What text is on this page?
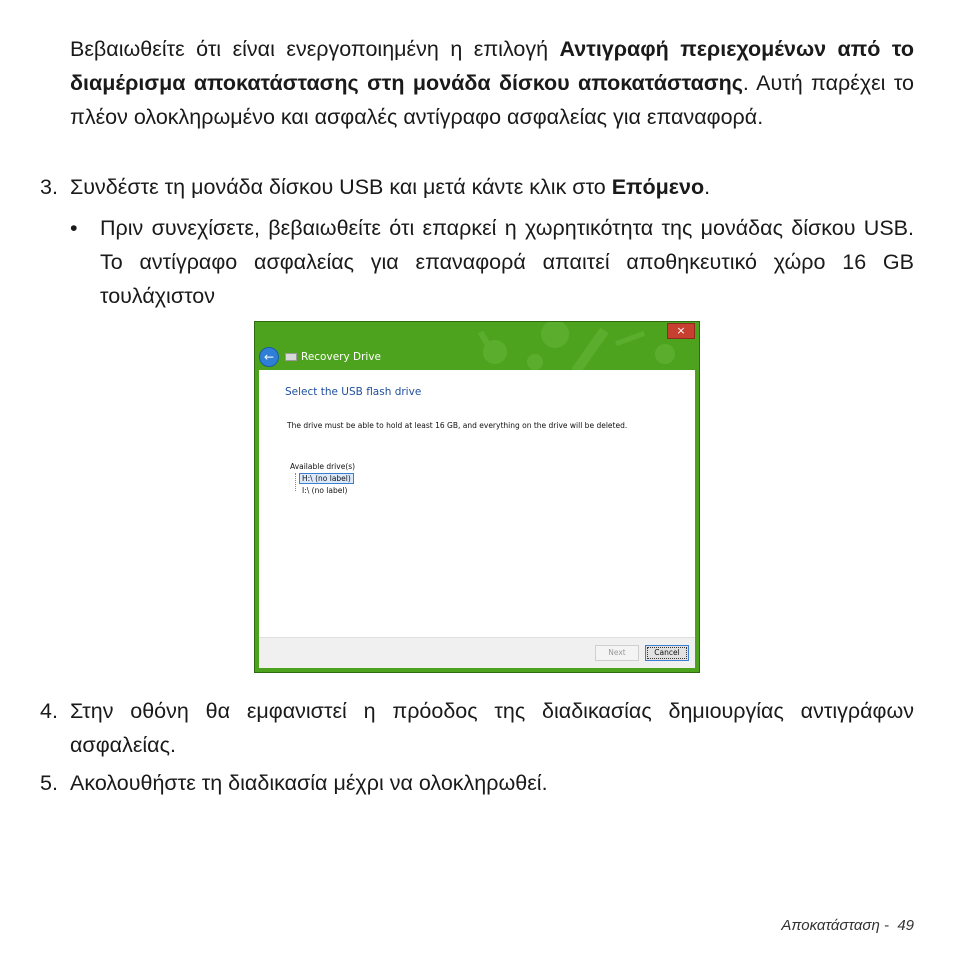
Βεβαιωθείτε ότι είναι ενεργοποιημένη η επιλογή Αντιγραφή περιεχομένων από το διαμέρισμα αποκατάστασης στη μονάδα δίσκου αποκατάστασης. Αυτή παρέχει το πλέον ολοκληρωμένο και ασφαλές αντίγραφο ασφαλείας για επαναφορά.

3. Συνδέστε τη μονάδα δίσκου USB και μετά κάντε κλικ στο Επόμενο.

• Πριν συνεχίσετε, βεβαιωθείτε ότι επαρκεί η χωρητικότητα της μονάδας δίσκου USB. Το αντίγραφο ασφαλείας για επαναφορά απαιτεί αποθηκευτικό χώρο 16 GB τουλάχιστον

×
←	Recovery Drive
Select the USB flash drive
The drive must be able to hold at least 16 GB, and everything on the drive will be deleted.
Available drive(s)
H:\ (no label)
I:\ (no label)
Next	Cancel
4. Στην οθόνη θα εμφανιστεί η πρόοδος της διαδικασίας δημιουργίας αντιγράφων ασφαλείας.

5. Ακολουθήστε τη διαδικασία μέχρι να ολοκληρωθεί.

Αποκατάσταση - 49
